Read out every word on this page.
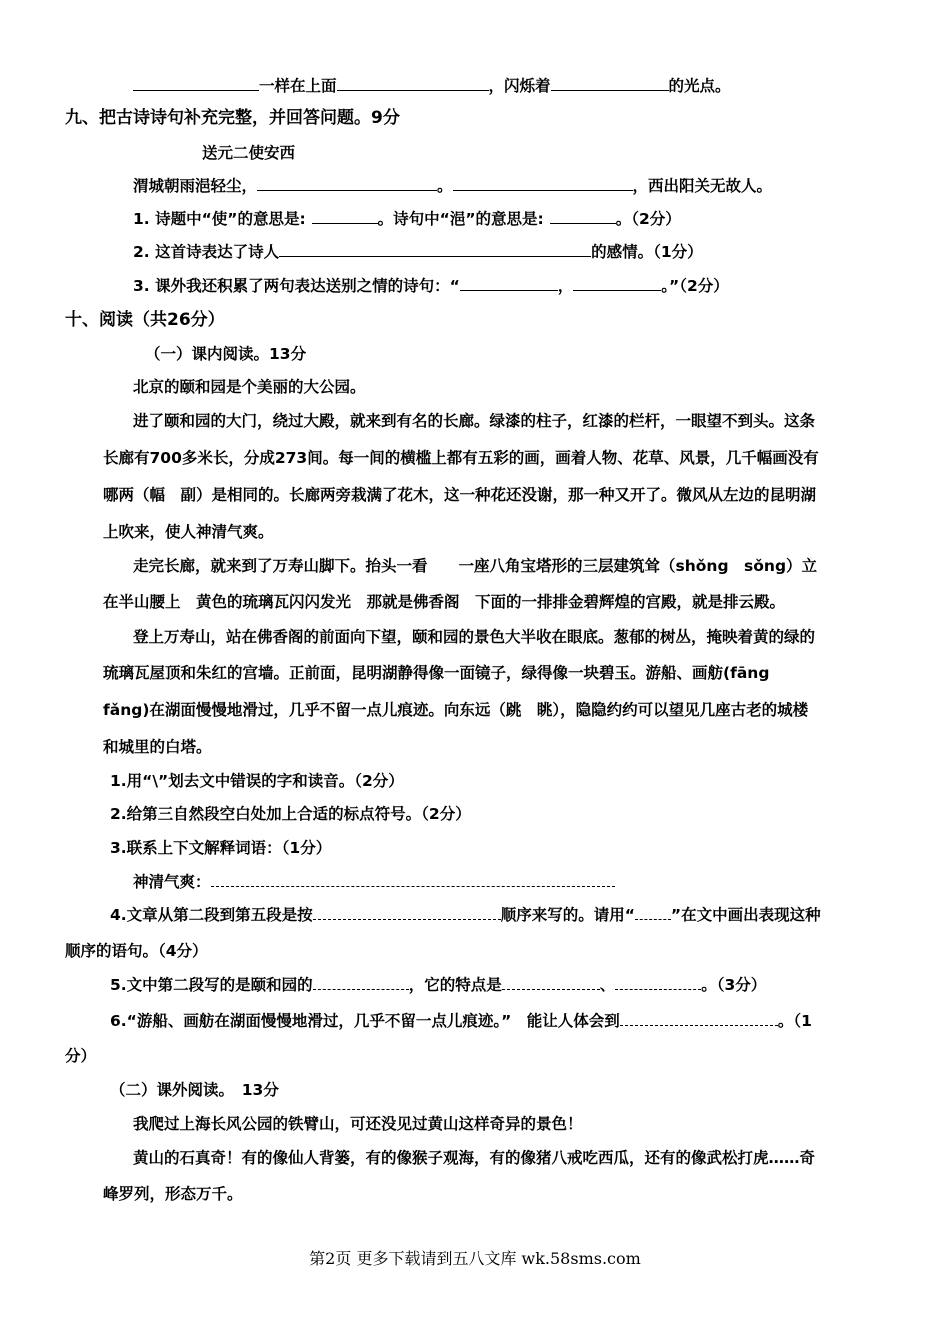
一样在上面	，闪烁着	的光点。
九、把古诗诗句补充完整，并回答问题。9分
送元二使安西
渭城朝雨浥轻尘，	。	，西出阳关无故人。
1. 诗题中“使”的意思是:	。诗句中“浥”的意思是:	。（2分）
2. 这首诗表达了诗人	的感情。（1分）
3. 课外我还积累了两句表达送别之情的诗句：“	，	。”（2分）
十、阅读（共26分）
（一）课内阅读。13分
北京的颐和园是个美丽的大公园。
进了颐和园的大门，绕过大殿，就来到有名的长廊。绿漆的柱子，红漆的栏杆，一眼望不到头。这条
长廊有700多米长，分成273间。每一间的横槛上都有五彩的画，画着人物、花草、风景，几千幅画没有
哪两（幅　副）是相同的。长廊两旁栽满了花木，这一种花还没谢，那一种又开了。微风从左边的昆明湖
上吹来，使人神清气爽。
走完长廊，就来到了万寿山脚下。抬头一看　　一座八角宝塔形的三层建筑耸（shǒng　sǒng）立
在半山腰上　黄色的琉璃瓦闪闪发光　那就是佛香阁　下面的一排排金碧辉煌的宫殿，就是排云殿。
登上万寿山，站在佛香阁的前面向下望，颐和园的景色大半收在眼底。葱郁的树丛，掩映着黄的绿的
琉璃瓦屋顶和朱红的宫墙。正前面，昆明湖静得像一面镜子，绿得像一块碧玉。游船、画舫(fāng
fǎng)在湖面慢慢地滑过，几乎不留一点儿痕迹。向东远（跳　眺），隐隐约约可以望见几座古老的城楼
和城里的白塔。
1.用“\”划去文中错误的字和读音。（2分）
2.给第三自然段空白处加上合适的标点符号。（2分）
3.联系上下文解释词语：（1分）
神清气爽：
4.文章从第二段到第五段是按	顺序来写的。请用“ ”在文中画出表现这种
顺序的语句。（4分）
5.文中第二段写的是颐和园的	，它的特点是	、	。（3分）
6.“游船、画舫在湖面慢慢地滑过，几乎不留一点儿痕迹。”　能让人体会到	。（1
分）
（二）课外阅读。　13分
我爬过上海长风公园的铁臂山，可还没见过黄山这样奇异的景色！
黄山的石真奇！有的像仙人背篓，有的像猴子观海，有的像猪八戒吃西瓜，还有的像武松打虎……奇
峰罗列，形态万千。
第2页 更多下载请到五八文库 wk.58sms.com
